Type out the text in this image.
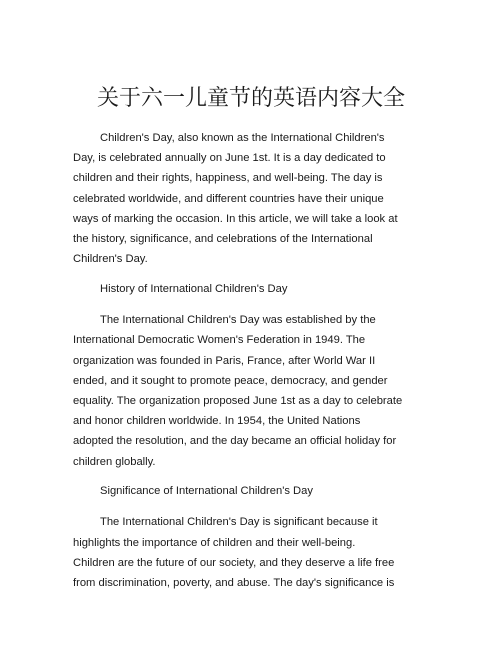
关于六一儿童节的英语内容大全

Children's Day, also known as the International Children's
Day, is celebrated annually on June 1st. It is a day dedicated to
children and their rights, happiness, and well-being. The day is
celebrated worldwide, and different countries have their unique
ways of marking the occasion. In this article, we will take a look at
the history, significance, and celebrations of the International
Children's Day.

History of International Children's Day

The International Children's Day was established by the
International Democratic Women's Federation in 1949. The
organization was founded in Paris, France, after World War II
ended, and it sought to promote peace, democracy, and gender
equality. The organization proposed June 1st as a day to celebrate
and honor children worldwide. In 1954, the United Nations
adopted the resolution, and the day became an official holiday for
children globally.

Significance of International Children's Day

The International Children's Day is significant because it
highlights the importance of children and their well-being.
Children are the future of our society, and they deserve a life free
from discrimination, poverty, and abuse. The day's significance is
